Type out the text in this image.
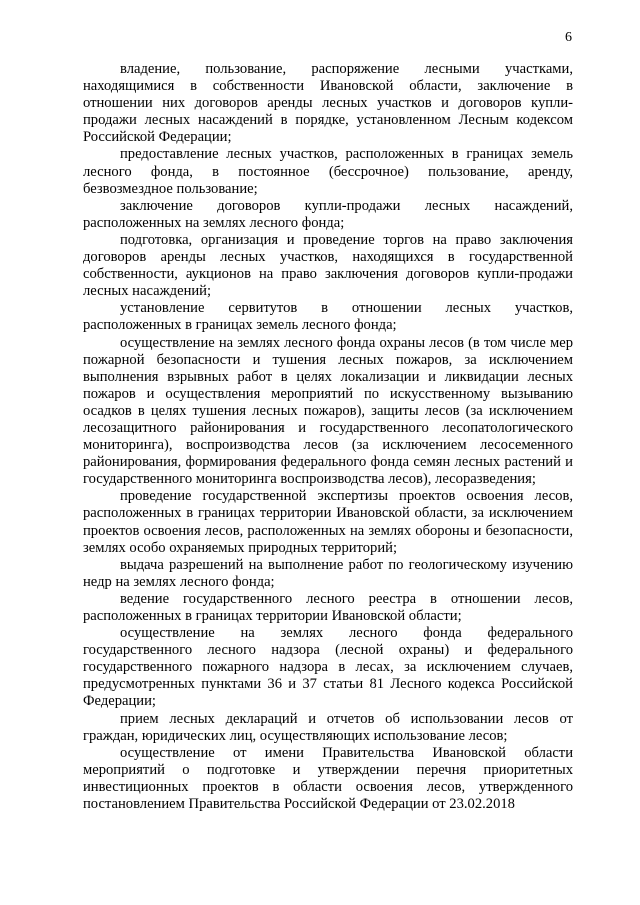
6

владение, пользование, распоряжение лесными участками, находящимися в собственности Ивановской области, заключение в отношении них договоров аренды лесных участков и договоров купли-продажи лесных насаждений в порядке, установленном Лесным кодексом Российской Федерации;

предоставление лесных участков, расположенных в границах земель лесного фонда, в постоянное (бессрочное) пользование, аренду, безвозмездное пользование;

заключение договоров купли-продажи лесных насаждений, расположенных на землях лесного фонда;

подготовка, организация и проведение торгов на право заключения договоров аренды лесных участков, находящихся в государственной собственности, аукционов на право заключения договоров купли-продажи лесных насаждений;

установление сервитутов в отношении лесных участков, расположенных в границах земель лесного фонда;

осуществление на землях лесного фонда охраны лесов (в том числе мер пожарной безопасности и тушения лесных пожаров, за исключением выполнения взрывных работ в целях локализации и ликвидации лесных пожаров и осуществления мероприятий по искусственному вызыванию осадков в целях тушения лесных пожаров), защиты лесов (за исключением лесозащитного районирования и государственного лесопатологического мониторинга), воспроизводства лесов (за исключением лесосеменного районирования, формирования федерального фонда семян лесных растений и государственного мониторинга воспроизводства лесов), лесоразведения;

проведение государственной экспертизы проектов освоения лесов, расположенных в границах территории Ивановской области, за исключением проектов освоения лесов, расположенных на землях обороны и безопасности, землях особо охраняемых природных территорий;

выдача разрешений на выполнение работ по геологическому изучению недр на землях лесного фонда;

ведение государственного лесного реестра в отношении лесов, расположенных в границах территории Ивановской области;

осуществление на землях лесного фонда федерального государственного лесного надзора (лесной охраны) и федерального государственного пожарного надзора в лесах, за исключением случаев, предусмотренных пунктами 36 и 37 статьи 81 Лесного кодекса Российской Федерации;

прием лесных деклараций и отчетов об использовании лесов от граждан, юридических лиц, осуществляющих использование лесов;

осуществление от имени Правительства Ивановской области мероприятий о подготовке и утверждении перечня приоритетных инвестиционных проектов в области освоения лесов, утвержденного постановлением Правительства Российской Федерации от 23.02.2018
